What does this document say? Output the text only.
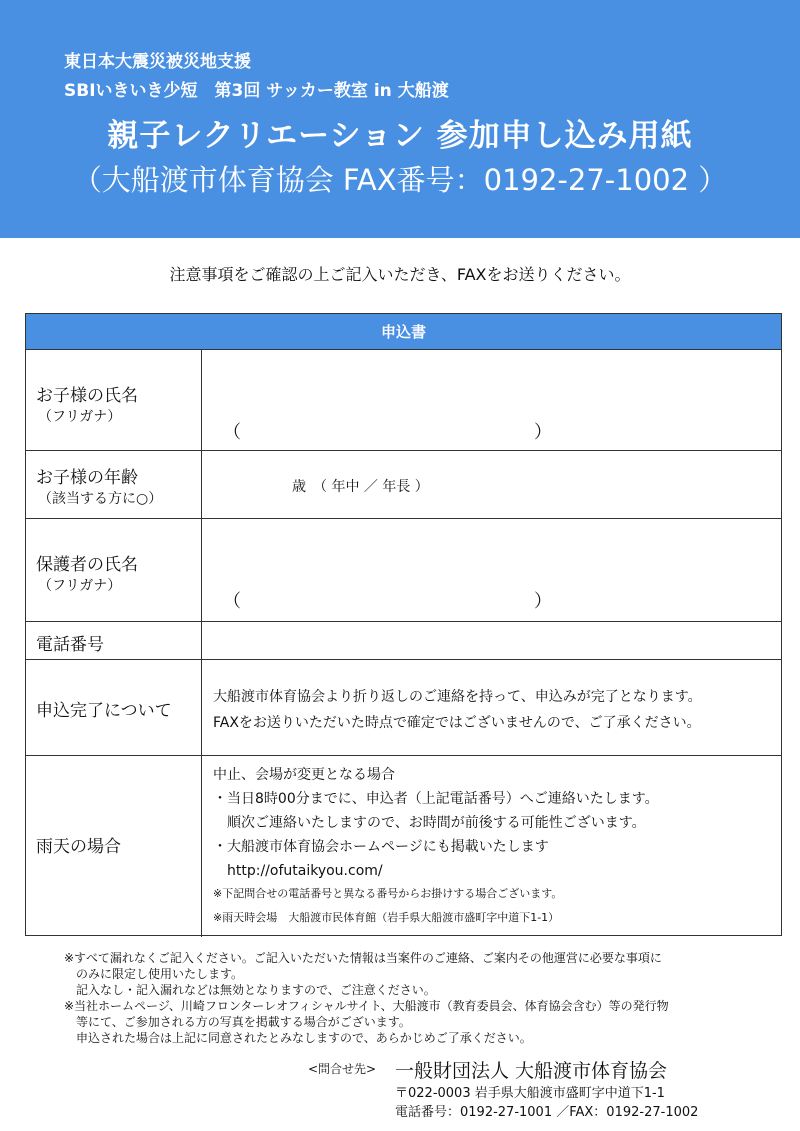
東日本大震災被災地支援
SBIいきいき少短　第3回 サッカー教室 in 大船渡
親子レクリエーション 参加申し込み用紙
（大船渡市体育協会 FAX番号：0192-27-1002 ）
注意事項をご確認の上ご記入いただき、FAXをお送りください。
申込書
お子様の氏名
（フリガナ）
（	）
お子様の年齢
（該当する方に○）
歳　（ 年中 ／ 年長 ）
保護者の氏名
（フリガナ）
（	）
電話番号
申込完了について
大船渡市体育協会より折り返しのご連絡を持って、申込みが完了となります。
FAXをお送りいただいた時点で確定ではございませんので、ご了承ください。
雨天の場合
中止、会場が変更となる場合
・当日8時00分までに、申込者（上記電話番号）へご連絡いたします。
　順次ご連絡いたしますので、お時間が前後する可能性ございます。
・大船渡市体育協会ホームページにも掲載いたします
　http://ofutaikyou.com/
※下記問合せの電話番号と異なる番号からお掛けする場合ございます。
※雨天時会場　大船渡市民体育館（岩手県大船渡市盛町字中道下1-1）
※すべて漏れなくご記入ください。ご記入いただいた情報は当案件のご連絡、ご案内その他運営に必要な事項に
　のみに限定し使用いたします。
　記入なし・記入漏れなどは無効となりますので、ご注意ください。
※当社ホームページ、川崎フロンターレオフィシャルサイト、大船渡市（教育委員会、体育協会含む）等の発行物
　等にて、ご参加される方の写真を掲載する場合がございます。
　申込された場合は上記に同意されたとみなしますので、あらかじめご了承ください。
<問合せ先> 一般財団法人 大船渡市体育協会
〒022-0003 岩手県大船渡市盛町字中道下1-1
電話番号：0192-27-1001 ／FAX：0192-27-1002
